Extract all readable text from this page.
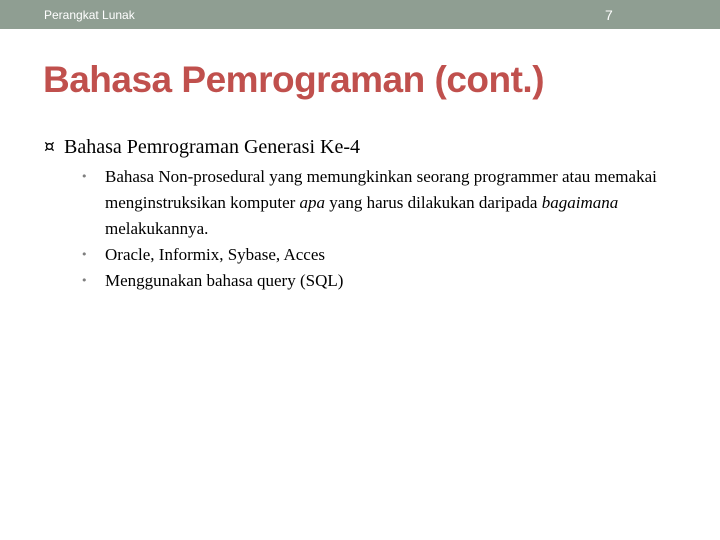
Perangkat Lunak	7
Bahasa Pemrograman (cont.)
¤ Bahasa Pemrograman Generasi Ke-4
• Bahasa Non-prosedural yang memungkinkan seorang programmer atau memakai menginstruksikan komputer apa yang harus dilakukan daripada bagaimana melakukannya.
• Oracle, Informix, Sybase, Acces
• Menggunakan bahasa query (SQL)
